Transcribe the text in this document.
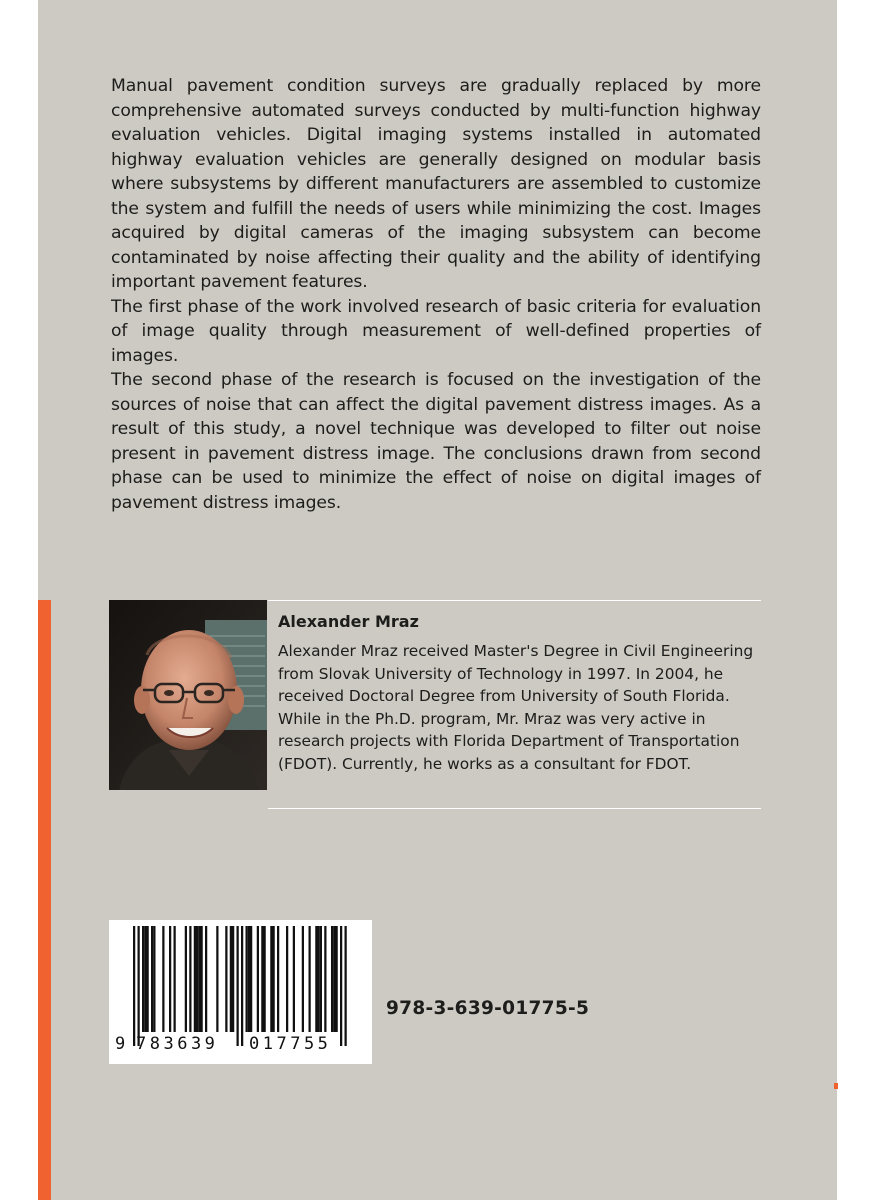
Manual pavement condition surveys are gradually replaced by more comprehensive automated surveys conducted by multi-function highway evaluation vehicles. Digital imaging systems installed in automated highway evaluation vehicles are generally designed on modular basis where subsystems by different manufacturers are assembled to customize the system and fulfill the needs of users while minimizing the cost. Images acquired by digital cameras of the imaging subsystem can become contaminated by noise affecting their quality and the ability of identifying important pavement features.

The first phase of the work involved research of basic criteria for evaluation of image quality through measurement of well-defined properties of images.

The second phase of the research is focused on the investigation of the sources of noise that can affect the digital pavement distress images. As a result of this study, a novel technique was developed to filter out noise present in pavement distress image. The conclusions drawn from second phase can be used to minimize the effect of noise on digital images of pavement distress images.

Alexander Mraz
Alexander Mraz received Master's Degree in Civil Engineering from Slovak University of Technology in 1997. In 2004, he received Doctoral Degree from University of South Florida. While in the Ph.D. program, Mr. Mraz was very active in research projects with Florida Department of Transportation (FDOT). Currently, he works as a consultant for FDOT.
9 783639 017755
978-3-639-01775-5
